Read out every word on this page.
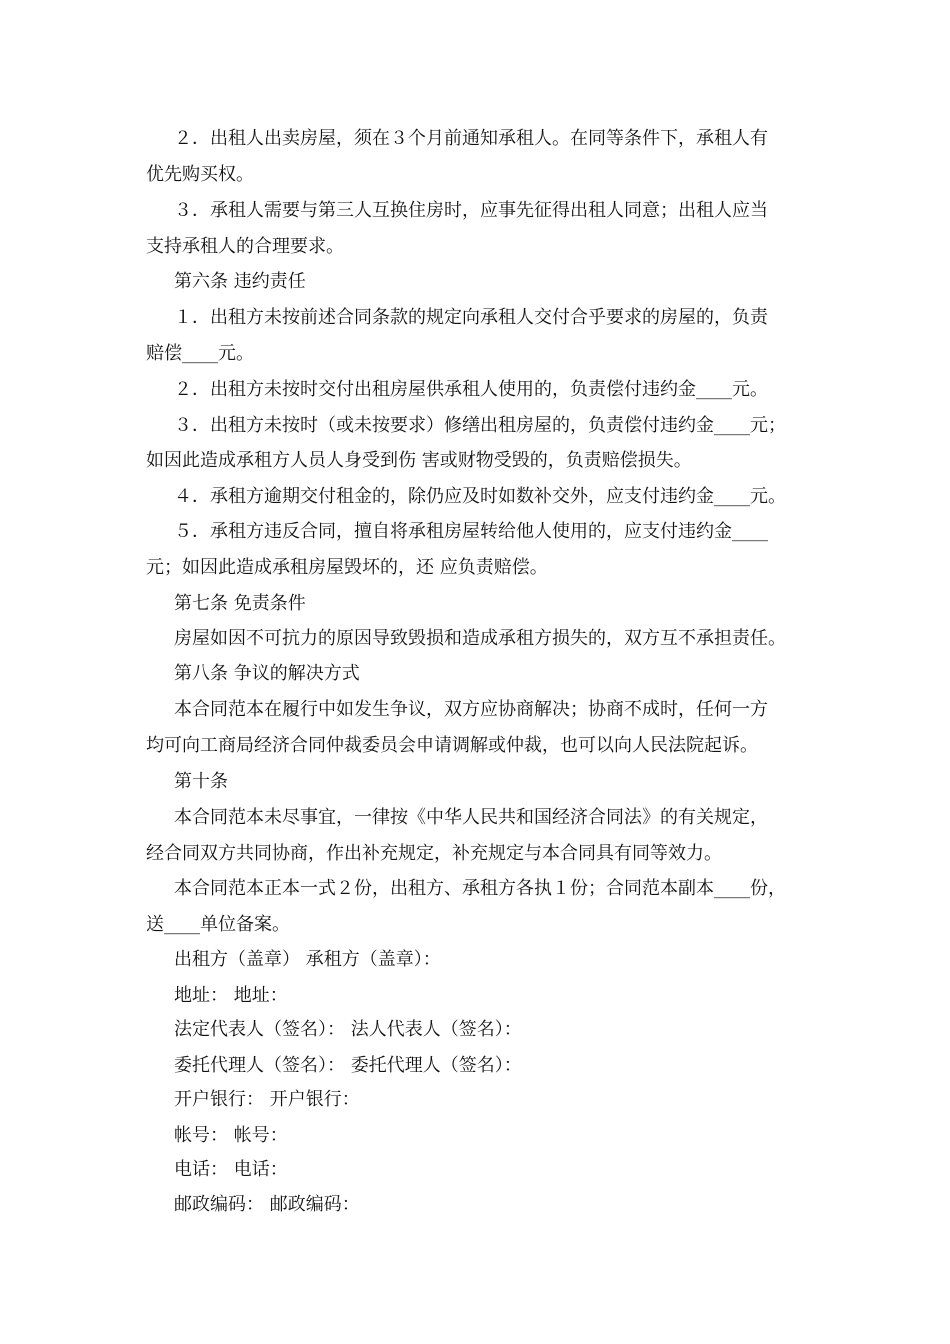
２．出租人出卖房屋，须在３个月前通知承租人。在同等条件下，承租人有
优先购买权。
３．承租人需要与第三人互换住房时，应事先征得出租人同意；出租人应当
支持承租人的合理要求。
第六条 违约责任
１．出租方未按前述合同条款的规定向承租人交付合乎要求的房屋的，负责
赔偿____元。
２．出租方未按时交付出租房屋供承租人使用的，负责偿付违约金____元。
３．出租方未按时（或未按要求）修缮出租房屋的，负责偿付违约金____元；
如因此造成承租方人员人身受到伤 害或财物受毁的，负责赔偿损失。
４．承租方逾期交付租金的，除仍应及时如数补交外，应支付违约金____元。
５．承租方违反合同，擅自将承租房屋转给他人使用的，应支付违约金____
元；如因此造成承租房屋毁坏的，还 应负责赔偿。
第七条 免责条件
房屋如因不可抗力的原因导致毁损和造成承租方损失的，双方互不承担责任。
第八条 争议的解决方式
本合同范本在履行中如发生争议，双方应协商解决；协商不成时，任何一方
均可向工商局经济合同仲裁委员会申请调解或仲裁，也可以向人民法院起诉。
第十条
本合同范本未尽事宜，一律按《中华人民共和国经济合同法》的有关规定，
经合同双方共同协商，作出补充规定，补充规定与本合同具有同等效力。
本合同范本正本一式２份，出租方、承租方各执１份；合同范本副本____份，
送____单位备案。
出租方（盖章） 承租方（盖章）：
地址： 地址：
法定代表人（签名）： 法人代表人（签名）：
委托代理人（签名）： 委托代理人（签名）：
开户银行： 开户银行：
帐号： 帐号：
电话： 电话：
邮政编码： 邮政编码：
